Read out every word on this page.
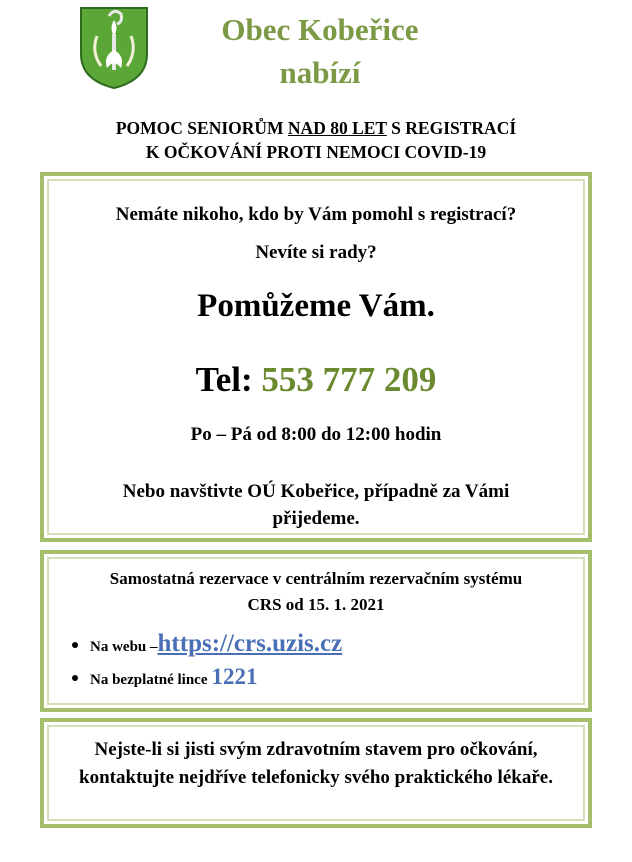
Obec Kobeřice
nabízí
POMOC SENIORŮM NAD 80 LET S REGISTRACÍ
K OČKOVÁNÍ PROTI NEMOCI COVID-19
Nemáte nikoho, kdo by Vám pomohl s registrací?
Nevíte si rady?
Pomůžeme Vám.
Tel: 553 777 209
Po – Pá od 8:00 do 12:00 hodin
Nebo navštivte OÚ Kobeřice, případně za Vámi přijedeme.
Samostatná rezervace v centrálním rezervačním systému
CRS od 15. 1. 2021
Na webu – https://crs.uzis.cz
Na bezplatné lince 1221
Nejste-li si jisti svým zdravotním stavem pro očkování, kontaktujte nejdříve telefonicky svého praktického lékaře.
